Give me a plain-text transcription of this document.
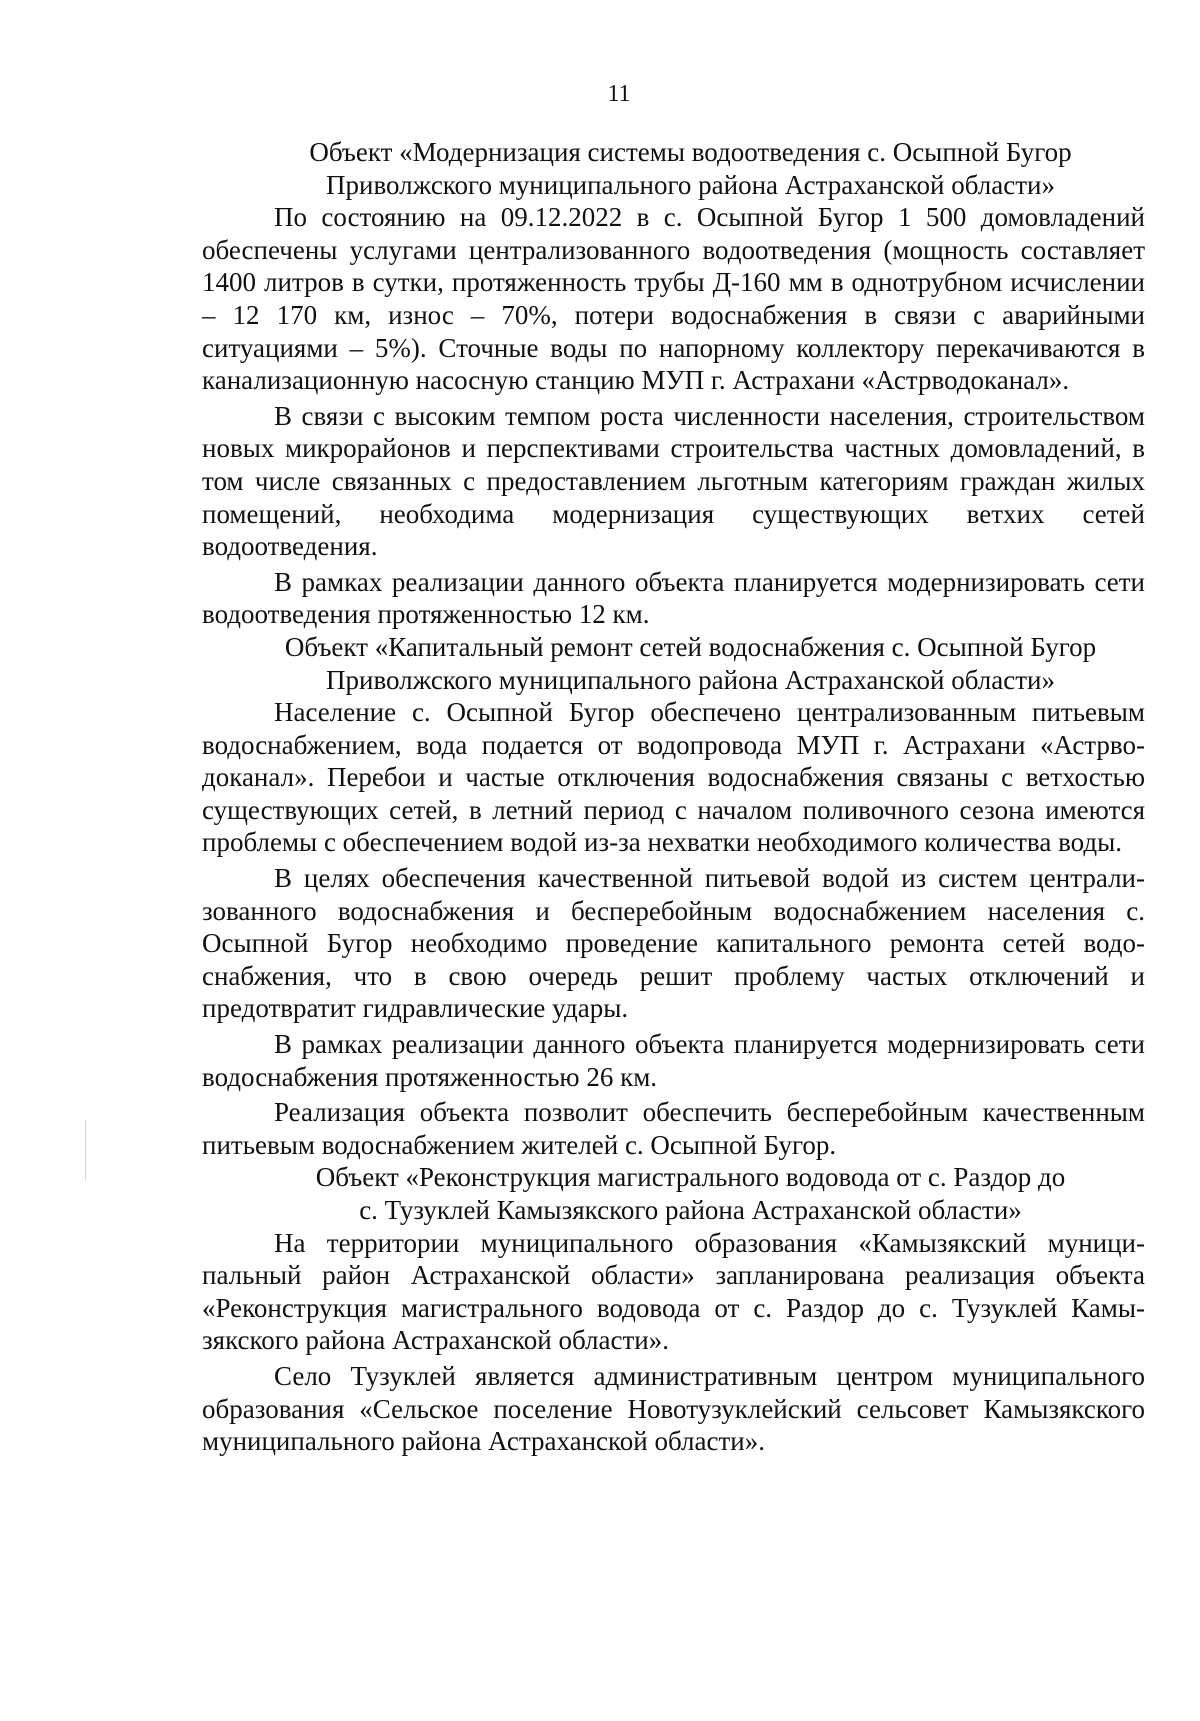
11
Объект «Модернизация системы водоотведения с. Осыпной Бугор
Приволжского муниципального района Астраханской области»

По состоянию на 09.12.2022 в с. Осыпной Бугор 1 500 домовладений обеспечены услугами централизованного водоотведения (мощность составляет 1400 литров в сутки, протяженность трубы Д-160 мм в однотрубном исчислении – 12 170 км, износ – 70%, потери водоснабжения в связи с аварийными ситуациями – 5%). Сточные воды по напорному коллектору перекачиваются в канализационную насосную станцию МУП г. Астрахани «Астрводоканал».

В связи с высоким темпом роста численности населения, строительством новых микрорайонов и перспективами строительства частных домовладений, в том числе связанных с предоставлением льготным категориям граждан жилых помещений, необходима модернизация существующих ветхих сетей водоотведения.

В рамках реализации данного объекта планируется модернизировать сети водоотведения протяженностью 12 км.

Объект «Капитальный ремонт сетей водоснабжения с. Осыпной Бугор
Приволжского муниципального района Астраханской области»

Население с. Осыпной Бугор обеспечено централизованным питьевым водоснабжением, вода подается от водопровода МУП г. Астрахани «Астрводоканал». Перебои и частые отключения водоснабжения связаны с ветхостью существующих сетей, в летний период с началом поливочного сезона имеются проблемы с обеспечением водой из-за нехватки необходимого количества воды.

В целях обеспечения качественной питьевой водой из систем централизованного водоснабжения и бесперебойным водоснабжением населения с. Осыпной Бугор необходимо проведение капитального ремонта сетей водоснабжения, что в свою очередь решит проблему частых отключений и предотвратит гидравлические удары.

В рамках реализации данного объекта планируется модернизировать сети водоснабжения протяженностью 26 км.

Реализация объекта позволит обеспечить бесперебойным качественным питьевым водоснабжением жителей с. Осыпной Бугор.

Объект «Реконструкция магистрального водовода от с. Раздор до
с. Тузуклей Камызякского района Астраханской области»

На территории муниципального образования «Камызякский муниципальный район Астраханской области» запланирована реализация объекта «Реконструкция магистрального водовода от с. Раздор до с. Тузуклей Камызякского района Астраханской области».

Село Тузуклей является административным центром муниципального образования «Сельское поселение Новотузуклейский сельсовет Камызякского муниципального района Астраханской области».
